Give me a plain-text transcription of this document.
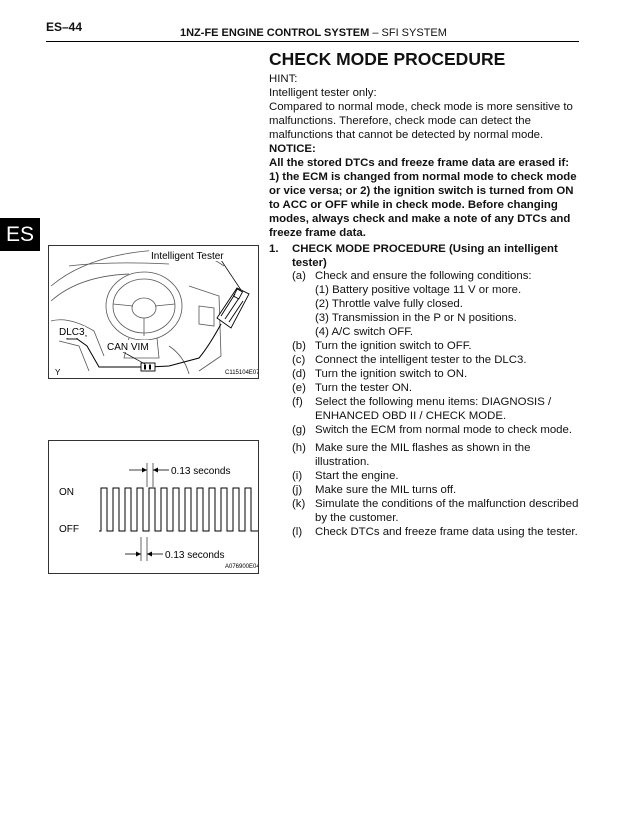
ES–44	1NZ-FE ENGINE CONTROL SYSTEM – SFI SYSTEM
ES
CHECK MODE PROCEDURE
HINT:
Intelligent tester only:
Compared to normal mode, check mode is more sensitive to
malfunctions. Therefore, check mode can detect the
malfunctions that cannot be detected by normal mode.
NOTICE:
All the stored DTCs and freeze frame data are erased if:
1) the ECM is changed from normal mode to check mode
or vice versa; or 2) the ignition switch is turned from ON
to ACC or OFF while in check mode. Before changing
modes, always check and make a note of any DTCs and
freeze frame data.
1. CHECK MODE PROCEDURE (Using an intelligent
tester)
(a) Check and ensure the following conditions:
(1) Battery positive voltage 11 V or more.
(2) Throttle valve fully closed.
(3) Transmission in the P or N positions.
(4) A/C switch OFF.
(b) Turn the ignition switch to OFF.
(c) Connect the intelligent tester to the DLC3.
(d) Turn the ignition switch to ON.
(e) Turn the tester ON.
(f) Select the following menu items: DIAGNOSIS /
ENHANCED OBD II / CHECK MODE.
(g) Switch the ECM from normal mode to check mode.
(h) Make sure the MIL flashes as shown in the
illustration.
(i) Start the engine.
(j) Make sure the MIL turns off.
(k) Simulate the conditions of the malfunction described
by the customer.
(l) Check DTCs and freeze frame data using the tester.
Intelligent Tester
DLC3
CAN VIM
Y	C115104E07
0.13 seconds
0.13 seconds
ON
OFF
A076900E04
